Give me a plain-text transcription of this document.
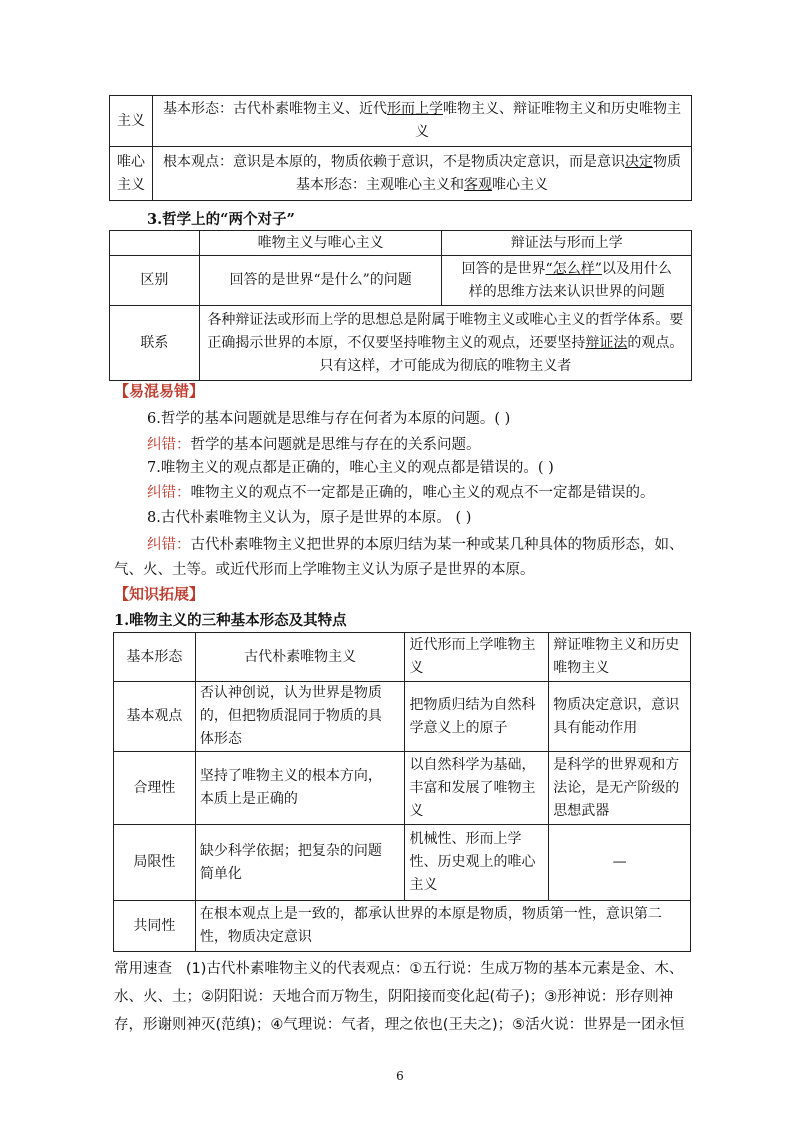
主义	基本形态：古代朴素唯物主义、近代形而上学唯物主义、辩证唯物主义和历史唯物主
义
唯心
主义	根本观点：意识是本原的，物质依赖于意识，不是物质决定意识，而是意识决定物质
基本形态：主观唯心主义和客观唯心主义
3.哲学上的“两个对子”
	唯物主义与唯心主义	辩证法与形而上学
区别	回答的是世界“是什么”的问题	回答的是世界“怎么样”以及用什么
样的思维方法来认识世界的问题
联系	各种辩证法或形而上学的思想总是附属于唯物主义或唯心主义的哲学体系。要
正确揭示世界的本原，不仅要坚持唯物主义的观点，还要坚持辩证法的观点。
只有这样，才可能成为彻底的唯物主义者	
【易混易错】
6.哲学的基本问题就是思维与存在何者为本原的问题。( )
纠错：哲学的基本问题就是思维与存在的关系问题。
7.唯物主义的观点都是正确的，唯心主义的观点都是错误的。( )
纠错：唯物主义的观点不一定都是正确的，唯心主义的观点不一定都是错误的。
8.古代朴素唯物主义认为，原子是世界的本原。 ( )
纠错：古代朴素唯物主义把世界的本原归结为某一种或某几种具体的物质形态，如、
气、火、土等。或近代形而上学唯物主义认为原子是世界的本原。
【知识拓展】
1.唯物主义的三种基本形态及其特点
基本形态	古代朴素唯物主义	近代形而上学唯物主
义	辩证唯物主义和历史
唯物主义
基本观点	否认神创说，认为世界是物质
的，但把物质混同于物质的具
体形态	把物质归结为自然科
学意义上的原子	物质决定意识，意识
具有能动作用
合理性	坚持了唯物主义的根本方向，
本质上是正确的	以自然科学为基础，
丰富和发展了唯物主
义	是科学的世界观和方
法论，是无产阶级的
思想武器
局限性	缺少科学依据；把复杂的问题
简单化	机械性、形而上学
性、历史观上的唯心
主义	—
共同性	在根本观点上是一致的，都承认世界的本原是物质，物质第一性，意识第二
性，物质决定意识		
常用速查 (1)古代朴素唯物主义的代表观点：①五行说：生成万物的基本元素是金、木、
水、火、土；②阴阳说：天地合而万物生，阴阳接而变化起(荀子)；③形神说：形存则神
存，形谢则神灭(范缜)；④气理说：气者，理之依也(王夫之)；⑤活火说：世界是一团永恒
6
